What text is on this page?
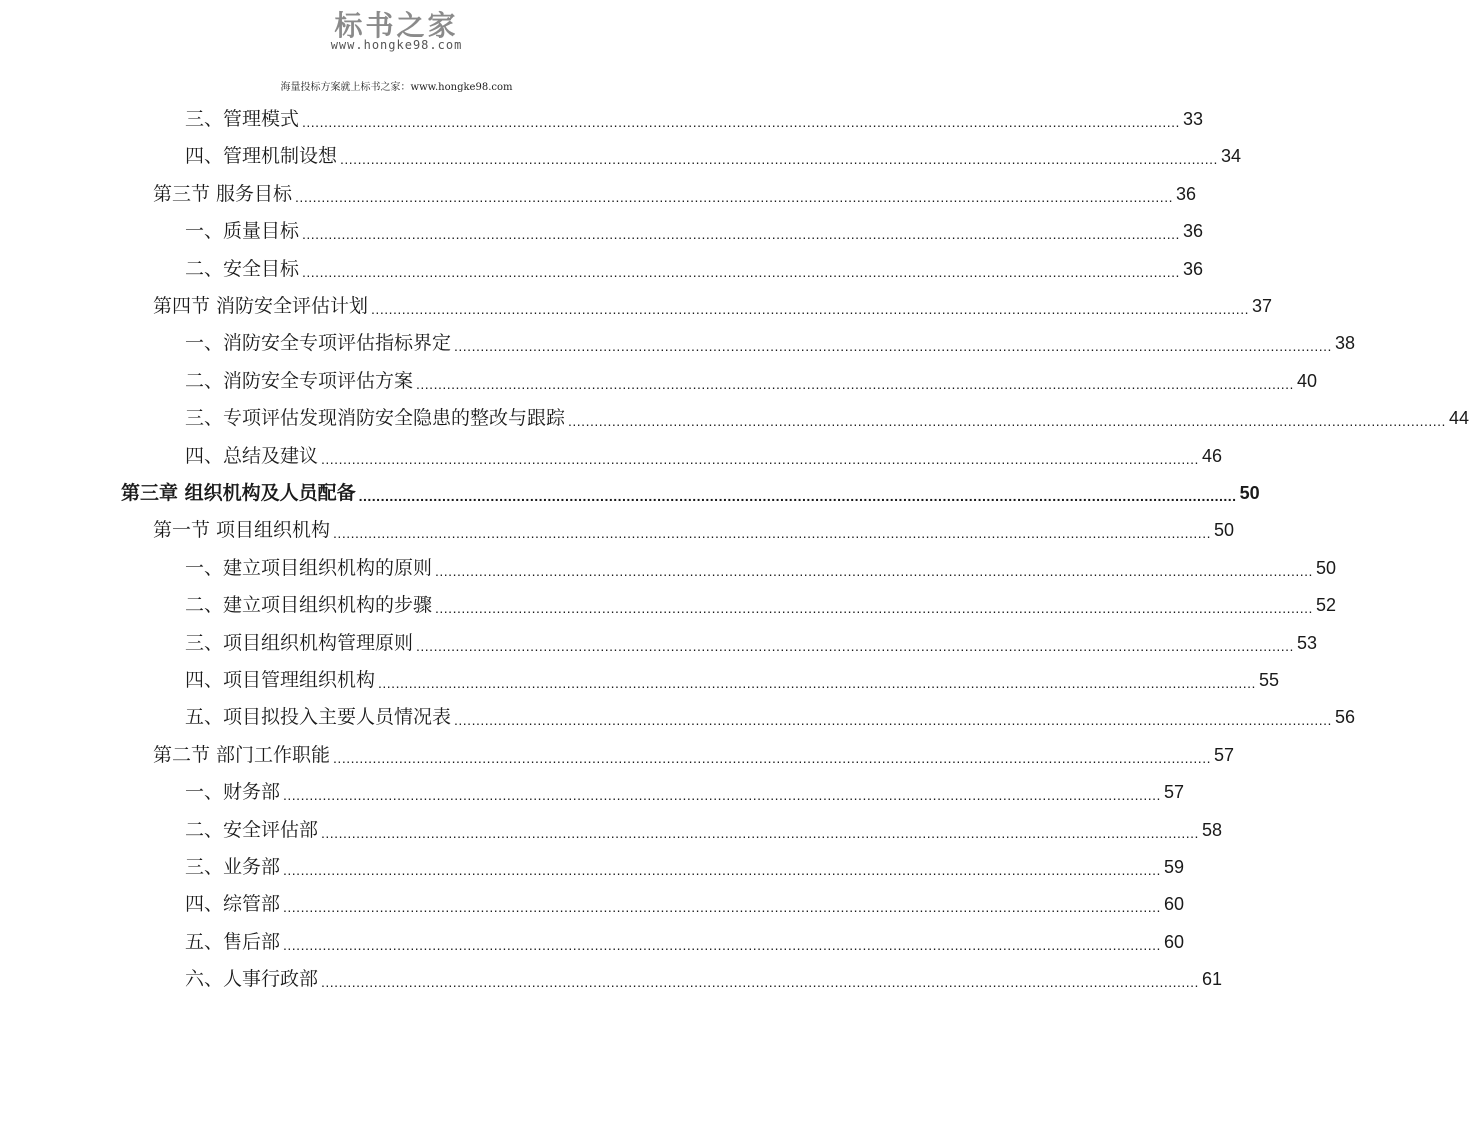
标书之家
www.hongke98.com
海量投标方案就上标书之家：www.hongke98.com
三、管理模式 ........................................................................................................................................................................................................ 33
四、管理机制设想 ........................................................................................................................................................................................................ 34
第三节 服务目标 ........................................................................................................................................................................................................ 36
一、质量目标 ........................................................................................................................................................................................................ 36
二、安全目标 ........................................................................................................................................................................................................ 36
第四节 消防安全评估计划 ........................................................................................................................................................................................................ 37
一、消防安全专项评估指标界定 ........................................................................................................................................................................................................ 38
二、消防安全专项评估方案 ........................................................................................................................................................................................................ 40
三、专项评估发现消防安全隐患的整改与跟踪 ........................................................................................................................................................................................................ 44
四、总结及建议 ........................................................................................................................................................................................................ 46
第三章 组织机构及人员配备 ........................................................................................................................................................................................................ 50
第一节 项目组织机构 ........................................................................................................................................................................................................ 50
一、建立项目组织机构的原则 ........................................................................................................................................................................................................ 50
二、建立项目组织机构的步骤 ........................................................................................................................................................................................................ 52
三、项目组织机构管理原则 ........................................................................................................................................................................................................ 53
四、项目管理组织机构 ........................................................................................................................................................................................................ 55
五、项目拟投入主要人员情况表 ........................................................................................................................................................................................................ 56
第二节 部门工作职能 ........................................................................................................................................................................................................ 57
一、财务部 ........................................................................................................................................................................................................ 57
二、安全评估部 ........................................................................................................................................................................................................ 58
三、业务部 ........................................................................................................................................................................................................ 59
四、综管部 ........................................................................................................................................................................................................ 60
五、售后部 ........................................................................................................................................................................................................ 60
六、人事行政部 ........................................................................................................................................................................................................ 61
